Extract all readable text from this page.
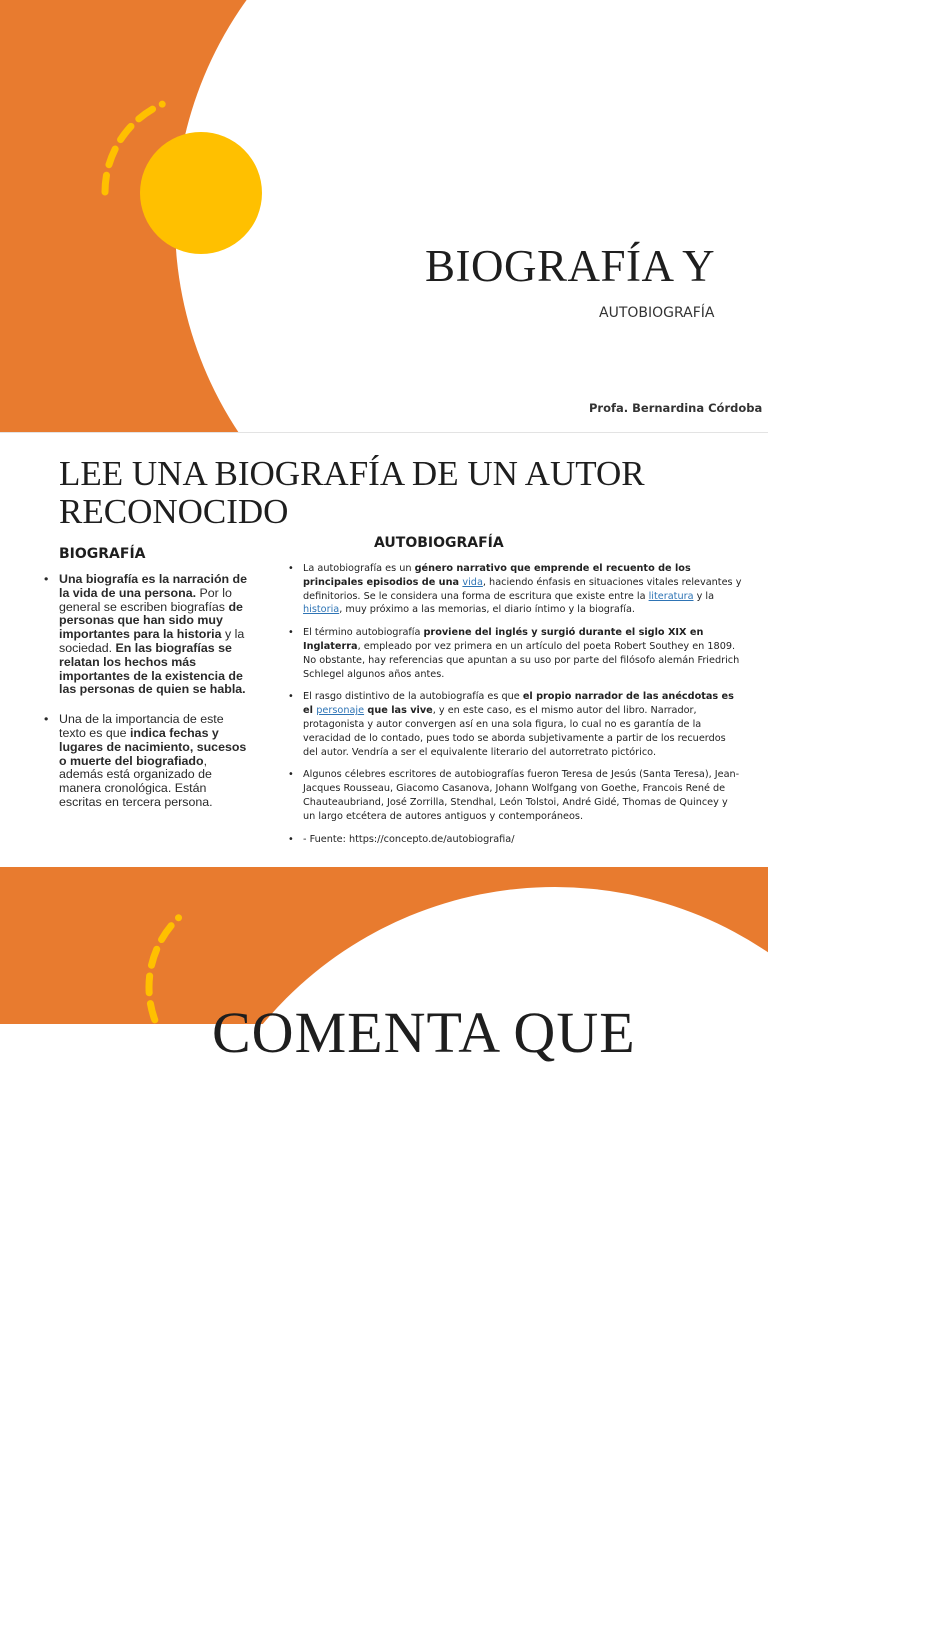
BIOGRAFÍA Y
AUTOBIOGRAFÍA
Profa. Bernardina Córdoba
LEE UNA BIOGRAFÍA DE UN AUTOR RECONOCIDO
BIOGRAFÍA
• Una biografía es la narración de la vida de una persona. Por lo general se escriben biografías de personas que han sido muy importantes para la historia y la sociedad. En las biografías se relatan los hechos más importantes de la existencia de las personas de quien se habla.
• Una de la importancia de este texto es que indica fechas y lugares de nacimiento, sucesos o muerte del biografiado, además está organizado de manera cronológica. Están escritas en tercera persona.
AUTOBIOGRAFÍA
• La autobiografía es un género narrativo que emprende el recuento de los principales episodios de una vida, haciendo énfasis en situaciones vitales relevantes y definitorios. Se le considera una forma de escritura que existe entre la literatura y la historia, muy próximo a las memorias, el diario íntimo y la biografía.
• El término autobiografía proviene del inglés y surgió durante el siglo XIX en Inglaterra, empleado por vez primera en un artículo del poeta Robert Southey en 1809. No obstante, hay referencias que apuntan a su uso por parte del filósofo alemán Friedrich Schlegel algunos años antes.
• El rasgo distintivo de la autobiografía es que el propio narrador de las anécdotas es el personaje que las vive, y en este caso, es el mismo autor del libro. Narrador, protagonista y autor convergen así en una sola figura, lo cual no es garantía de la veracidad de lo contado, pues todo se aborda subjetivamente a partir de los recuerdos del autor. Vendría a ser el equivalente literario del autorretrato pictórico.
• Algunos célebres escritores de autobiografías fueron Teresa de Jesús (Santa Teresa), Jean-Jacques Rousseau, Giacomo Casanova, Johann Wolfgang von Goethe, Francois René de Chauteaubriand, José Zorrilla, Stendhal, León Tolstoi, André Gidé, Thomas de Quincey y un largo etcétera de autores antiguos y contemporáneos.
• - Fuente: https://concepto.de/autobiografia/
COMENTA QUE
